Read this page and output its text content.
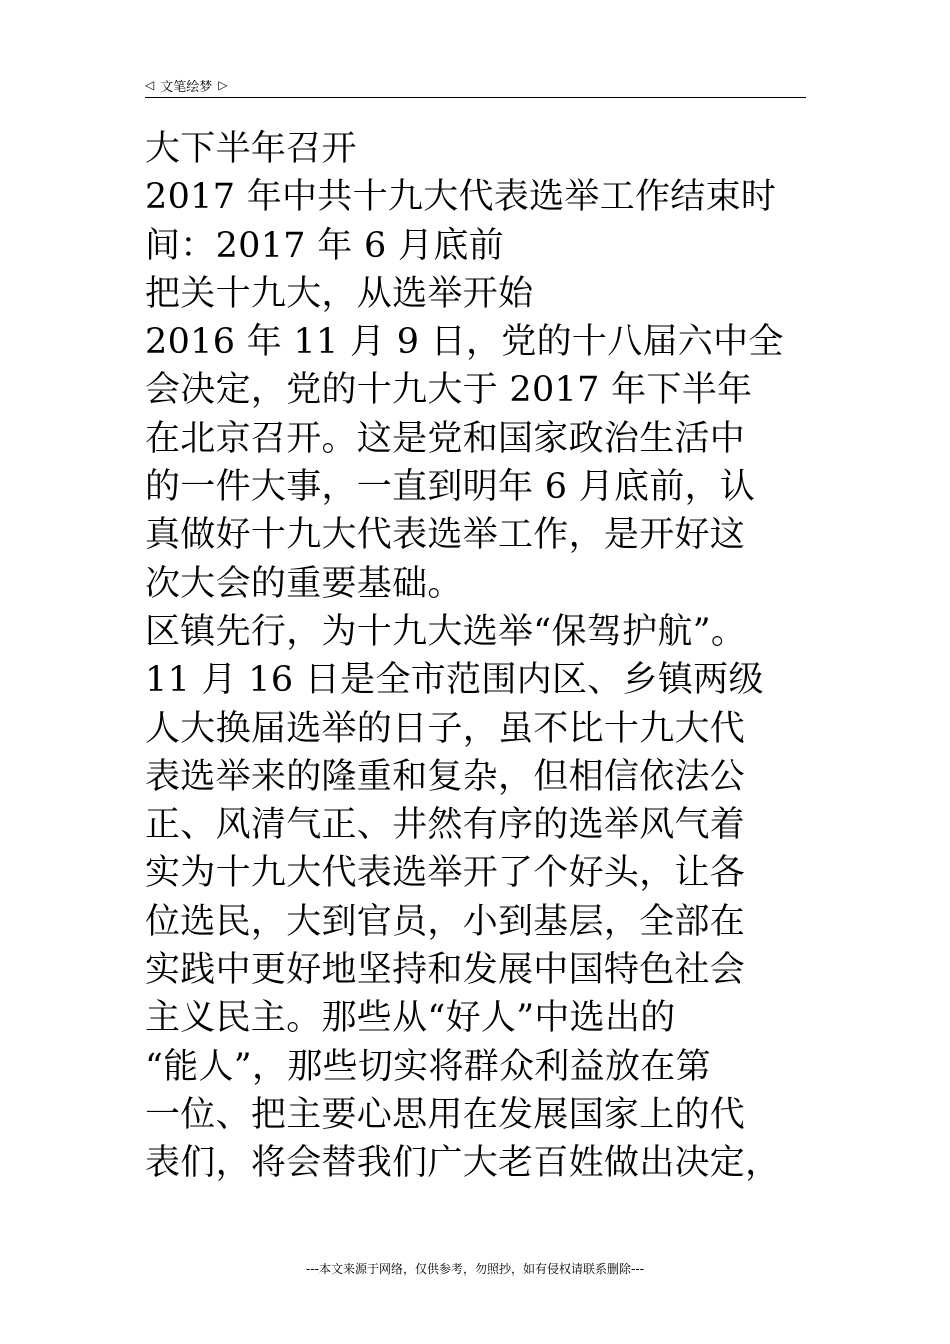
◁ 文笔绘梦 ▷
大下半年召开
2017 年中共十九大代表选举工作结束时
间：2017 年 6 月底前
把关十九大，从选举开始
2016 年 11 月 9 日，党的十八届六中全
会决定，党的十九大于 2017 年下半年
在北京召开。这是党和国家政治生活中
的一件大事，一直到明年 6 月底前，认
真做好十九大代表选举工作，是开好这
次大会的重要基础。
区镇先行，为十九大选举“保驾护航”。
11 月 16 日是全市范围内区、乡镇两级
人大换届选举的日子，虽不比十九大代
表选举来的隆重和复杂，但相信依法公
正、风清气正、井然有序的选举风气着
实为十九大代表选举开了个好头，让各
位选民，大到官员，小到基层，全部在
实践中更好地坚持和发展中国特色社会
主义民主。那些从“好人”中选出的
“能人”，那些切实将群众利益放在第
一位、把主要心思用在发展国家上的代
表们，将会替我们广大老百姓做出决定，
---本文来源于网络，仅供参考，勿照抄，如有侵权请联系删除---
